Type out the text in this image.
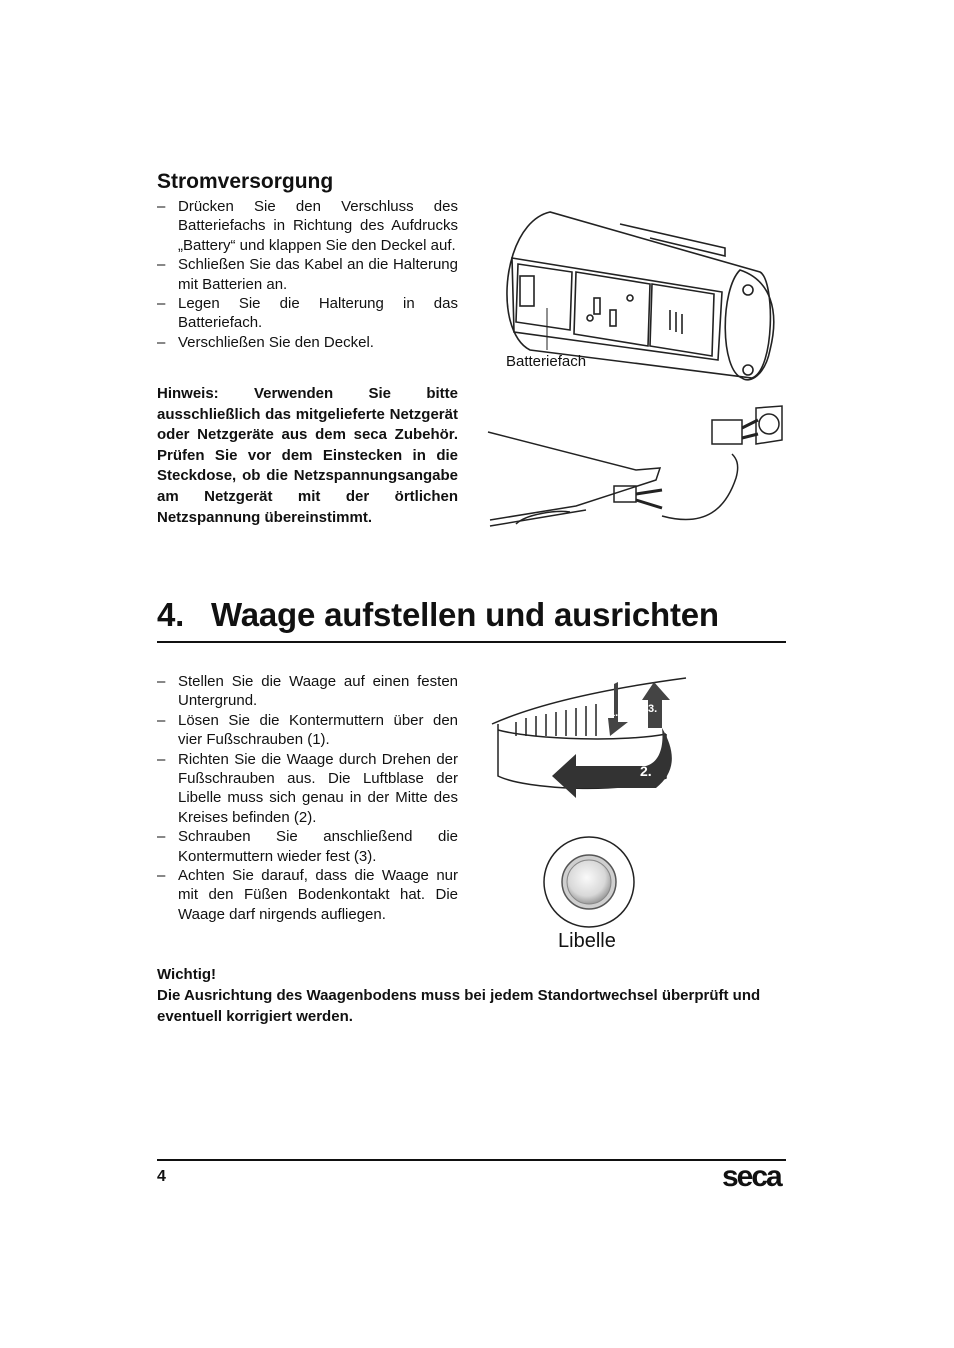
Stromversorgung
– Drücken Sie den Verschluss des Batteriefachs in Richtung des Aufdrucks „Battery“ und klappen Sie den Deckel auf.
– Schließen Sie das Kabel an die Halterung mit Batterien an.
– Legen Sie die Halterung in das Batteriefach.
– Verschließen Sie den Deckel.
Hinweis: Verwenden Sie bitte ausschließlich das mitgelieferte Netzgerät oder Netzgeräte aus dem seca Zubehör. Prüfen Sie vor dem Einstecken in die Steckdose, ob die Netzspannungsangabe am Netzgerät mit der örtlichen Netzspannung übereinstimmt.
Batteriefach
4. Waage aufstellen und ausrichten
– Stellen Sie die Waage auf einen festen Untergrund.
– Lösen Sie die Kontermuttern über den vier Fußschrauben (1).
– Richten Sie die Waage durch Drehen der Fußschrauben aus. Die Luftblase der Libelle muss sich genau in der Mitte des Kreises befinden (2).
– Schrauben Sie anschließend die Kontermuttern wieder fest (3).
– Achten Sie darauf, dass die Waage nur mit den Füßen Bodenkontakt hat. Die Waage darf nirgends aufliegen.
1.	3.
2.
Libelle
Wichtig!
Die Ausrichtung des Waagenbodens muss bei jedem Standortwechsel überprüft und eventuell korrigiert werden.
4	seca
